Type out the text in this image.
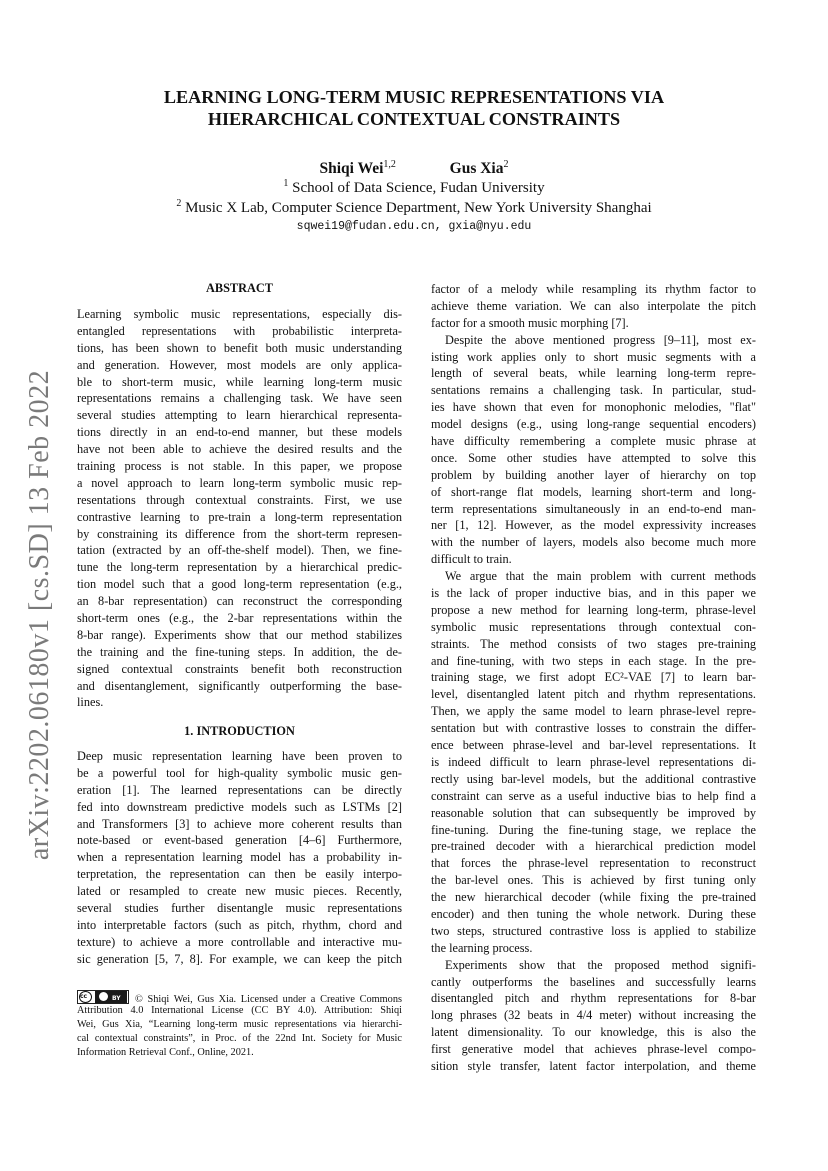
arXiv:2202.06180v1 [cs.SD] 13 Feb 2022
LEARNING LONG-TERM MUSIC REPRESENTATIONS VIA
HIERARCHICAL CONTEXTUAL CONSTRAINTS
Shiqi Wei$^{1,2}$	Gus Xia$^2$
$^1$ School of Data Science, Fudan University
$^2$ Music X Lab, Computer Science Department, New York University Shanghai
sqwei19@fudan.edu.cn, gxia@nyu.edu
ABSTRACT
Learning symbolic music representations, especially dis-
entangled representations with probabilistic interpreta-
tions, has been shown to benefit both music understanding
and generation. However, most models are only applica-
ble to short-term music, while learning long-term music
representations remains a challenging task. We have seen
several studies attempting to learn hierarchical representa-
tions directly in an end-to-end manner, but these models
have not been able to achieve the desired results and the
training process is not stable. In this paper, we propose
a novel approach to learn long-term symbolic music rep-
resentations through contextual constraints. First, we use
contrastive learning to pre-train a long-term representation
by constraining its difference from the short-term represen-
tation (extracted by an off-the-shelf model). Then, we fine-
tune the long-term representation by a hierarchical predic-
tion model such that a good long-term representation (e.g.,
an 8-bar representation) can reconstruct the corresponding
short-term ones (e.g., the 2-bar representations within the
8-bar range). Experiments show that our method stabilizes
the training and the fine-tuning steps. In addition, the de-
signed contextual constraints benefit both reconstruction
and disentanglement, significantly outperforming the base-
lines.
1. INTRODUCTION
Deep music representation learning have been proven to
be a powerful tool for high-quality symbolic music gen-
eration [1]. The learned representations can be directly
fed into downstream predictive models such as LSTMs [2]
and Transformers [3] to achieve more coherent results than
note-based or event-based generation [4–6] Furthermore,
when a representation learning model has a probability in-
terpretation, the representation can then be easily interpo-
lated or resampled to create new music pieces. Recently,
several studies further disentangle music representations
into interpretable factors (such as pitch, rhythm, chord and
texture) to achieve a more controllable and interactive mu-
sic generation [5, 7, 8]. For example, we can keep the pitch
cc	BY © Shiqi Wei, Gus Xia. Licensed under a Creative Commons
Attribution 4.0 International License (CC BY 4.0). Attribution: Shiqi
Wei, Gus Xia, “Learning long-term music representations via hierarchi-
cal contextual constraints”, in Proc. of the 22nd Int. Society for Music
Information Retrieval Conf., Online, 2021.
factor of a melody while resampling its rhythm factor to
achieve theme variation. We can also interpolate the pitch
factor for a smooth music morphing [7].
Despite the above mentioned progress [9–11], most ex-
isting work applies only to short music segments with a
length of several beats, while learning long-term repre-
sentations remains a challenging task. In particular, stud-
ies have shown that even for monophonic melodies, "flat"
model designs (e.g., using long-range sequential encoders)
have difficulty remembering a complete music phrase at
once. Some other studies have attempted to solve this
problem by building another layer of hierarchy on top
of short-range flat models, learning short-term and long-
term representations simultaneously in an end-to-end man-
ner [1, 12]. However, as the model expressivity increases
with the number of layers, models also become much more
difficult to train.
We argue that the main problem with current methods
is the lack of proper inductive bias, and in this paper we
propose a new method for learning long-term, phrase-level
symbolic music representations through contextual con-
straints. The method consists of two stages pre-training
and fine-tuning, with two steps in each stage. In the pre-
training stage, we first adopt EC²-VAE [7] to learn bar-
level, disentangled latent pitch and rhythm representations.
Then, we apply the same model to learn phrase-level repre-
sentation but with contrastive losses to constrain the differ-
ence between phrase-level and bar-level representations. It
is indeed difficult to learn phrase-level representations di-
rectly using bar-level models, but the additional contrastive
constraint can serve as a useful inductive bias to help find a
reasonable solution that can subsequently be improved by
fine-tuning. During the fine-tuning stage, we replace the
pre-trained decoder with a hierarchical prediction model
that forces the phrase-level representation to reconstruct
the bar-level ones. This is achieved by first tuning only
the new hierarchical decoder (while fixing the pre-trained
encoder) and then tuning the whole network. During these
two steps, structured contrastive loss is applied to stabilize
the learning process.
Experiments show that the proposed method signifi-
cantly outperforms the baselines and successfully learns
disentangled pitch and rhythm representations for 8-bar
long phrases (32 beats in 4/4 meter) without increasing the
latent dimensionality. To our knowledge, this is also the
first generative model that achieves phrase-level compo-
sition style transfer, latent factor interpolation, and theme
